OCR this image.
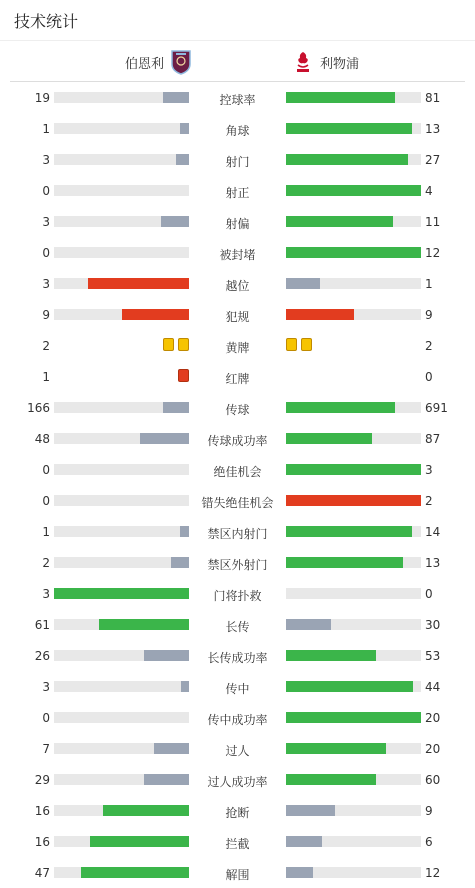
技术统计
伯恩利	利物浦
19	控球率	81
1	角球	13
3	射门	27
0	射正	4
3	射偏	11
0	被封堵	12
3	越位	1
9	犯规	9
2	黄牌	2
1	红牌	0
166	传球	691
48	传球成功率	87
0	绝佳机会	3
0	错失绝佳机会	2
1	禁区内射门	14
2	禁区外射门	13
3	门将扑救	0
61	长传	30
26	长传成功率	53
3	传中	44
0	传中成功率	20
7	过人	20
29	过人成功率	60
16	抢断	9
16	拦截	6
47	解围	12
